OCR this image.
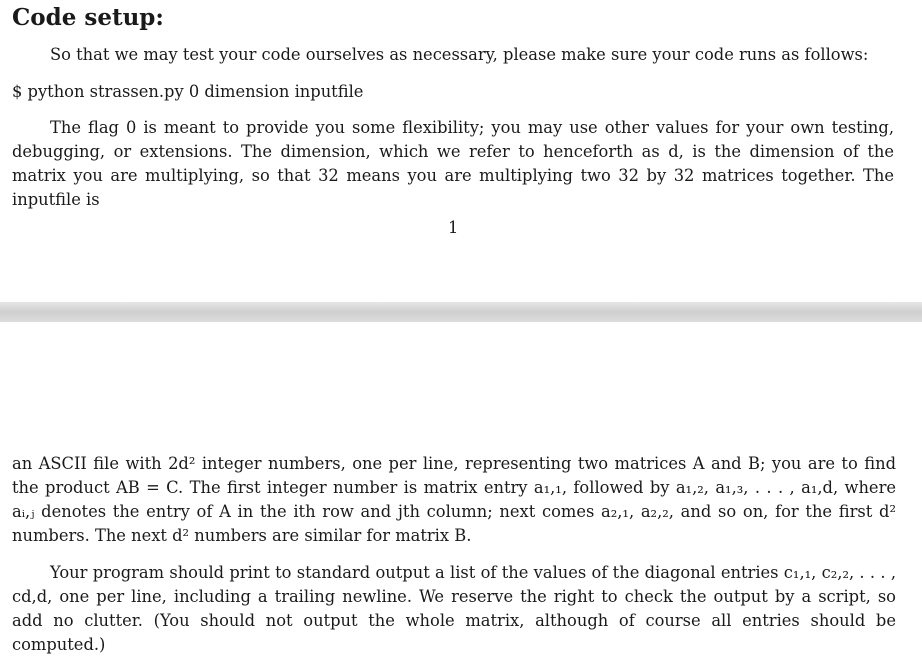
Code setup:

So that we may test your code ourselves as necessary, please make sure your code runs as follows:

$ python strassen.py 0 dimension inputfile

The flag 0 is meant to provide you some flexibility; you may use other values for your own testing, debugging, or extensions. The dimension, which we refer to henceforth as d, is the dimension of the matrix you are multiplying, so that 32 means you are multiplying two 32 by 32 matrices together. The inputfile is

1

an ASCII file with 2d² integer numbers, one per line, representing two matrices A and B; you are to find the product AB = C. The first integer number is matrix entry a₁,₁, followed by a₁,₂, a₁,₃, . . . , a₁,d, where aᵢ,ⱼ denotes the entry of A in the ith row and jth column; next comes a₂,₁, a₂,₂, and so on, for the first d² numbers. The next d² numbers are similar for matrix B.

Your program should print to standard output a list of the values of the diagonal entries c₁,₁, c₂,₂, . . . , cd,d, one per line, including a trailing newline. We reserve the right to check the output by a script, so add no clutter. (You should not output the whole matrix, although of course all entries should be computed.)
